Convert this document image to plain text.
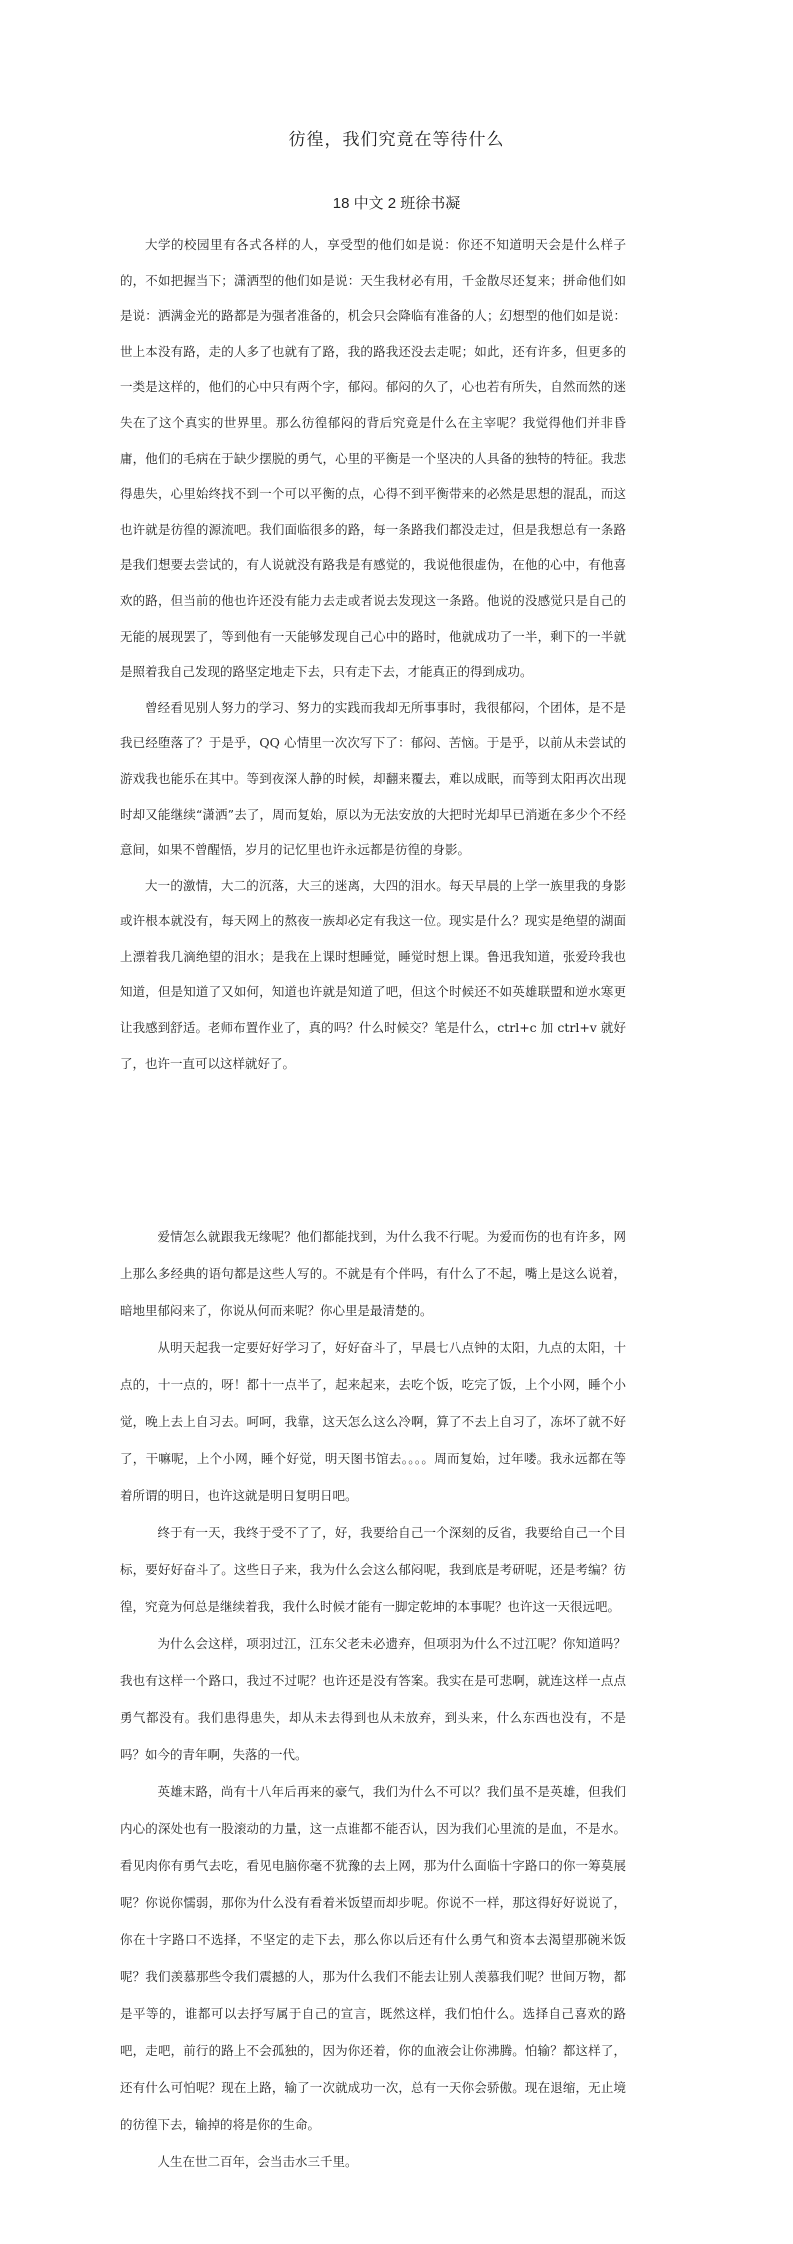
彷徨，我们究竟在等待什么
18 中文 2 班徐书凝

大学的校园里有各式各样的人，享受型的他们如是说：你还不知道明天会是什么样子的，不如把握当下；潇洒型的他们如是说：天生我材必有用，千金散尽还复来；拼命他们如是说：洒满金光的路都是为强者准备的，机会只会降临有准备的人；幻想型的他们如是说：世上本没有路，走的人多了也就有了路，我的路我还没去走呢；如此，还有许多，但更多的一类是这样的，他们的心中只有两个字，郁闷。郁闷的久了，心也若有所失，自然而然的迷失在了这个真实的世界里。那么彷徨郁闷的背后究竟是什么在主宰呢？我觉得他们并非昏庸，他们的毛病在于缺少摆脱的勇气，心里的平衡是一个坚决的人具备的独特的特征。我悲得患失，心里始终找不到一个可以平衡的点，心得不到平衡带来的必然是思想的混乱，而这也许就是彷徨的源流吧。我们面临很多的路，每一条路我们都没走过，但是我想总有一条路是我们想要去尝试的，有人说就没有路我是有感觉的，我说他很虚伪，在他的心中，有他喜欢的路，但当前的他也许还没有能力去走或者说去发现这一条路。他说的没感觉只是自己的无能的展现罢了，等到他有一天能够发现自己心中的路时，他就成功了一半，剩下的一半就是照着我自己发现的路坚定地走下去，只有走下去，才能真正的得到成功。

曾经看见别人努力的学习、努力的实践而我却无所事事时，我很郁闷，个团体，是不是我已经堕落了？于是乎，QQ 心情里一次次写下了：郁闷、苦恼。于是乎，以前从未尝试的游戏我也能乐在其中。等到夜深人静的时候，却翻来覆去，难以成眠，而等到太阳再次出现时却又能继续“潇洒”去了，周而复始，原以为无法安放的大把时光却早已消逝在多少个不经意间，如果不曾醒悟，岁月的记忆里也许永远都是彷徨的身影。

大一的激情，大二的沉落，大三的迷离，大四的泪水。每天早晨的上学一族里我的身影或许根本就没有，每天网上的熬夜一族却必定有我这一位。现实是什么？现实是绝望的湖面上漂着我几滴绝望的泪水；是我在上课时想睡觉，睡觉时想上课。鲁迅我知道，张爱玲我也知道，但是知道了又如何，知道也许就是知道了吧，但这个时候还不如英雄联盟和逆水寒更让我感到舒适。老师布置作业了，真的吗？什么时候交？笔是什么，ctrl+c 加 ctrl+v 就好了，也许一直可以这样就好了。

爱情怎么就跟我无缘呢？他们都能找到，为什么我不行呢。为爱而伤的也有许多，网上那么多经典的语句都是这些人写的。不就是有个伴吗，有什么了不起，嘴上是这么说着，暗地里郁闷来了，你说从何而来呢？你心里是最清楚的。

从明天起我一定要好好学习了，好好奋斗了，早晨七八点钟的太阳，九点的太阳，十点的，十一点的，呀！都十一点半了，起来起来，去吃个饭，吃完了饭，上个小网，睡个小觉，晚上去上自习去。呵呵，我靠，这天怎么这么冷啊，算了不去上自习了，冻坏了就不好了，干嘛呢，上个小网，睡个好觉，明天图书馆去。。。。周而复始，过年喽。我永远都在等着所谓的明日，也许这就是明日复明日吧。

终于有一天，我终于受不了了，好，我要给自己一个深刻的反省，我要给自己一个目标，要好好奋斗了。这些日子来，我为什么会这么郁闷呢，我到底是考研呢，还是考编？彷徨，究竟为何总是继续着我，我什么时候才能有一脚定乾坤的本事呢？也许这一天很远吧。

为什么会这样，项羽过江，江东父老未必遗弃，但项羽为什么不过江呢？你知道吗？我也有这样一个路口，我过不过呢？也许还是没有答案。我实在是可悲啊，就连这样一点点勇气都没有。我们患得患失，却从未去得到也从未放弃，到头来，什么东西也没有，不是吗？如今的青年啊，失落的一代。

英雄末路，尚有十八年后再来的豪气，我们为什么不可以？我们虽不是英雄，但我们内心的深处也有一股滚动的力量，这一点谁都不能否认，因为我们心里流的是血，不是水。看见肉你有勇气去吃，看见电脑你毫不犹豫的去上网，那为什么面临十字路口的你一筹莫展呢？你说你懦弱，那你为什么没有看着米饭望而却步呢。你说不一样，那这得好好说说了，你在十字路口不选择，不坚定的走下去，那么你以后还有什么勇气和资本去渴望那碗米饭呢？我们羡慕那些令我们震撼的人，那为什么我们不能去让别人羡慕我们呢？世间万物，都是平等的，谁都可以去抒写属于自己的宣言，既然这样，我们怕什么。选择自己喜欢的路吧，走吧，前行的路上不会孤独的，因为你还着，你的血液会让你沸腾。怕输？都这样了，还有什么可怕呢？现在上路，输了一次就成功一次，总有一天你会骄傲。现在退缩，无止境的彷徨下去，输掉的将是你的生命。

人生在世二百年，会当击水三千里。
